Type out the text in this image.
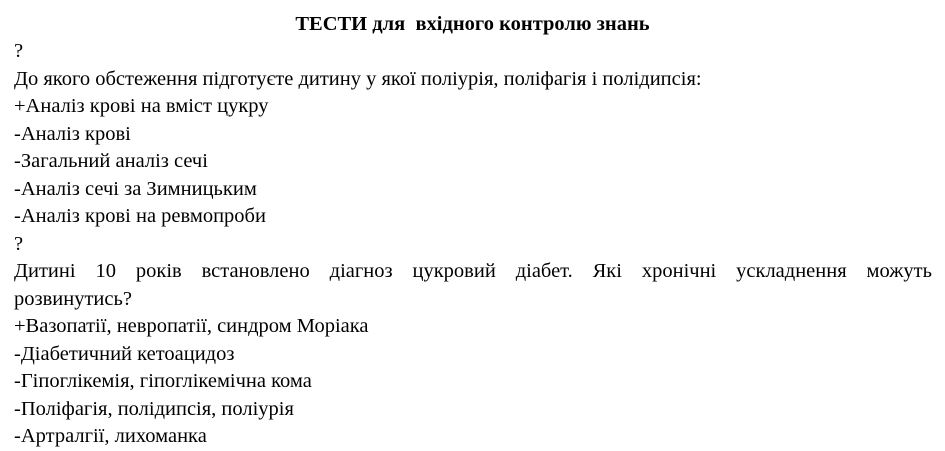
ТЕСТИ для  вхідного контролю знань
?
До якого обстеження підготуєте дитину у якої поліурія, поліфагія і полідипсія:
+Аналіз крові на вміст цукру
-Аналіз крові
-Загальний аналіз сечі
-Аналіз сечі за Зимницьким
-Аналіз крові на ревмопроби
?
Дитині 10 років встановлено діагноз цукровий діабет. Які хронічні ускладнення можуть
розвинутись?
+Вазопатії, невропатії, синдром Моріака
-Діабетичний кетоацидоз
-Гіпоглікемія, гіпоглікемічна кома
-Поліфагія, полідипсія, поліурія
-Артралгії, лихоманка
